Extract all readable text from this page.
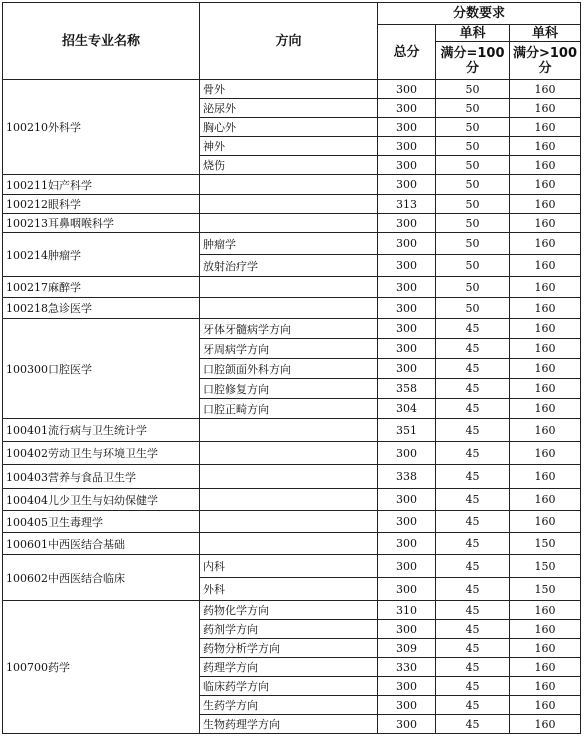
招生专业名称	方向	分数要求		
		总分	单科	单科
			满分=100分	满分>100分
100210外科学	骨外	300	50	160
	泌尿外	300	50	160
	胸心外	300	50	160
	神外	300	50	160
	烧伤	300	50	160
100211妇产科学		300	50	160
100212眼科学		313	50	160
100213耳鼻咽喉科学		300	50	160
100214肿瘤学	肿瘤学	300	50	160
	放射治疗学	300	50	160
100217麻醉学		300	50	160
100218急诊医学		300	50	160
100300口腔医学	牙体牙髓病学方向	300	45	160
	牙周病学方向	300	45	160
	口腔颌面外科方向	300	45	160
	口腔修复方向	358	45	160
	口腔正畸方向	304	45	160
100401流行病与卫生统计学		351	45	160
100402劳动卫生与环境卫生学		300	45	160
100403营养与食品卫生学		338	45	160
100404儿少卫生与妇幼保健学		300	45	160
100405卫生毒理学		300	45	160
100601中西医结合基础		300	45	150
100602中西医结合临床	内科	300	45	150
	外科	300	45	150
100700药学	药物化学方向	310	45	160
	药剂学方向	300	45	160
	药物分析学方向	309	45	160
	药理学方向	330	45	160
	临床药学方向	300	45	160
	生药学方向	300	45	160
	生物药理学方向	300	45	160
